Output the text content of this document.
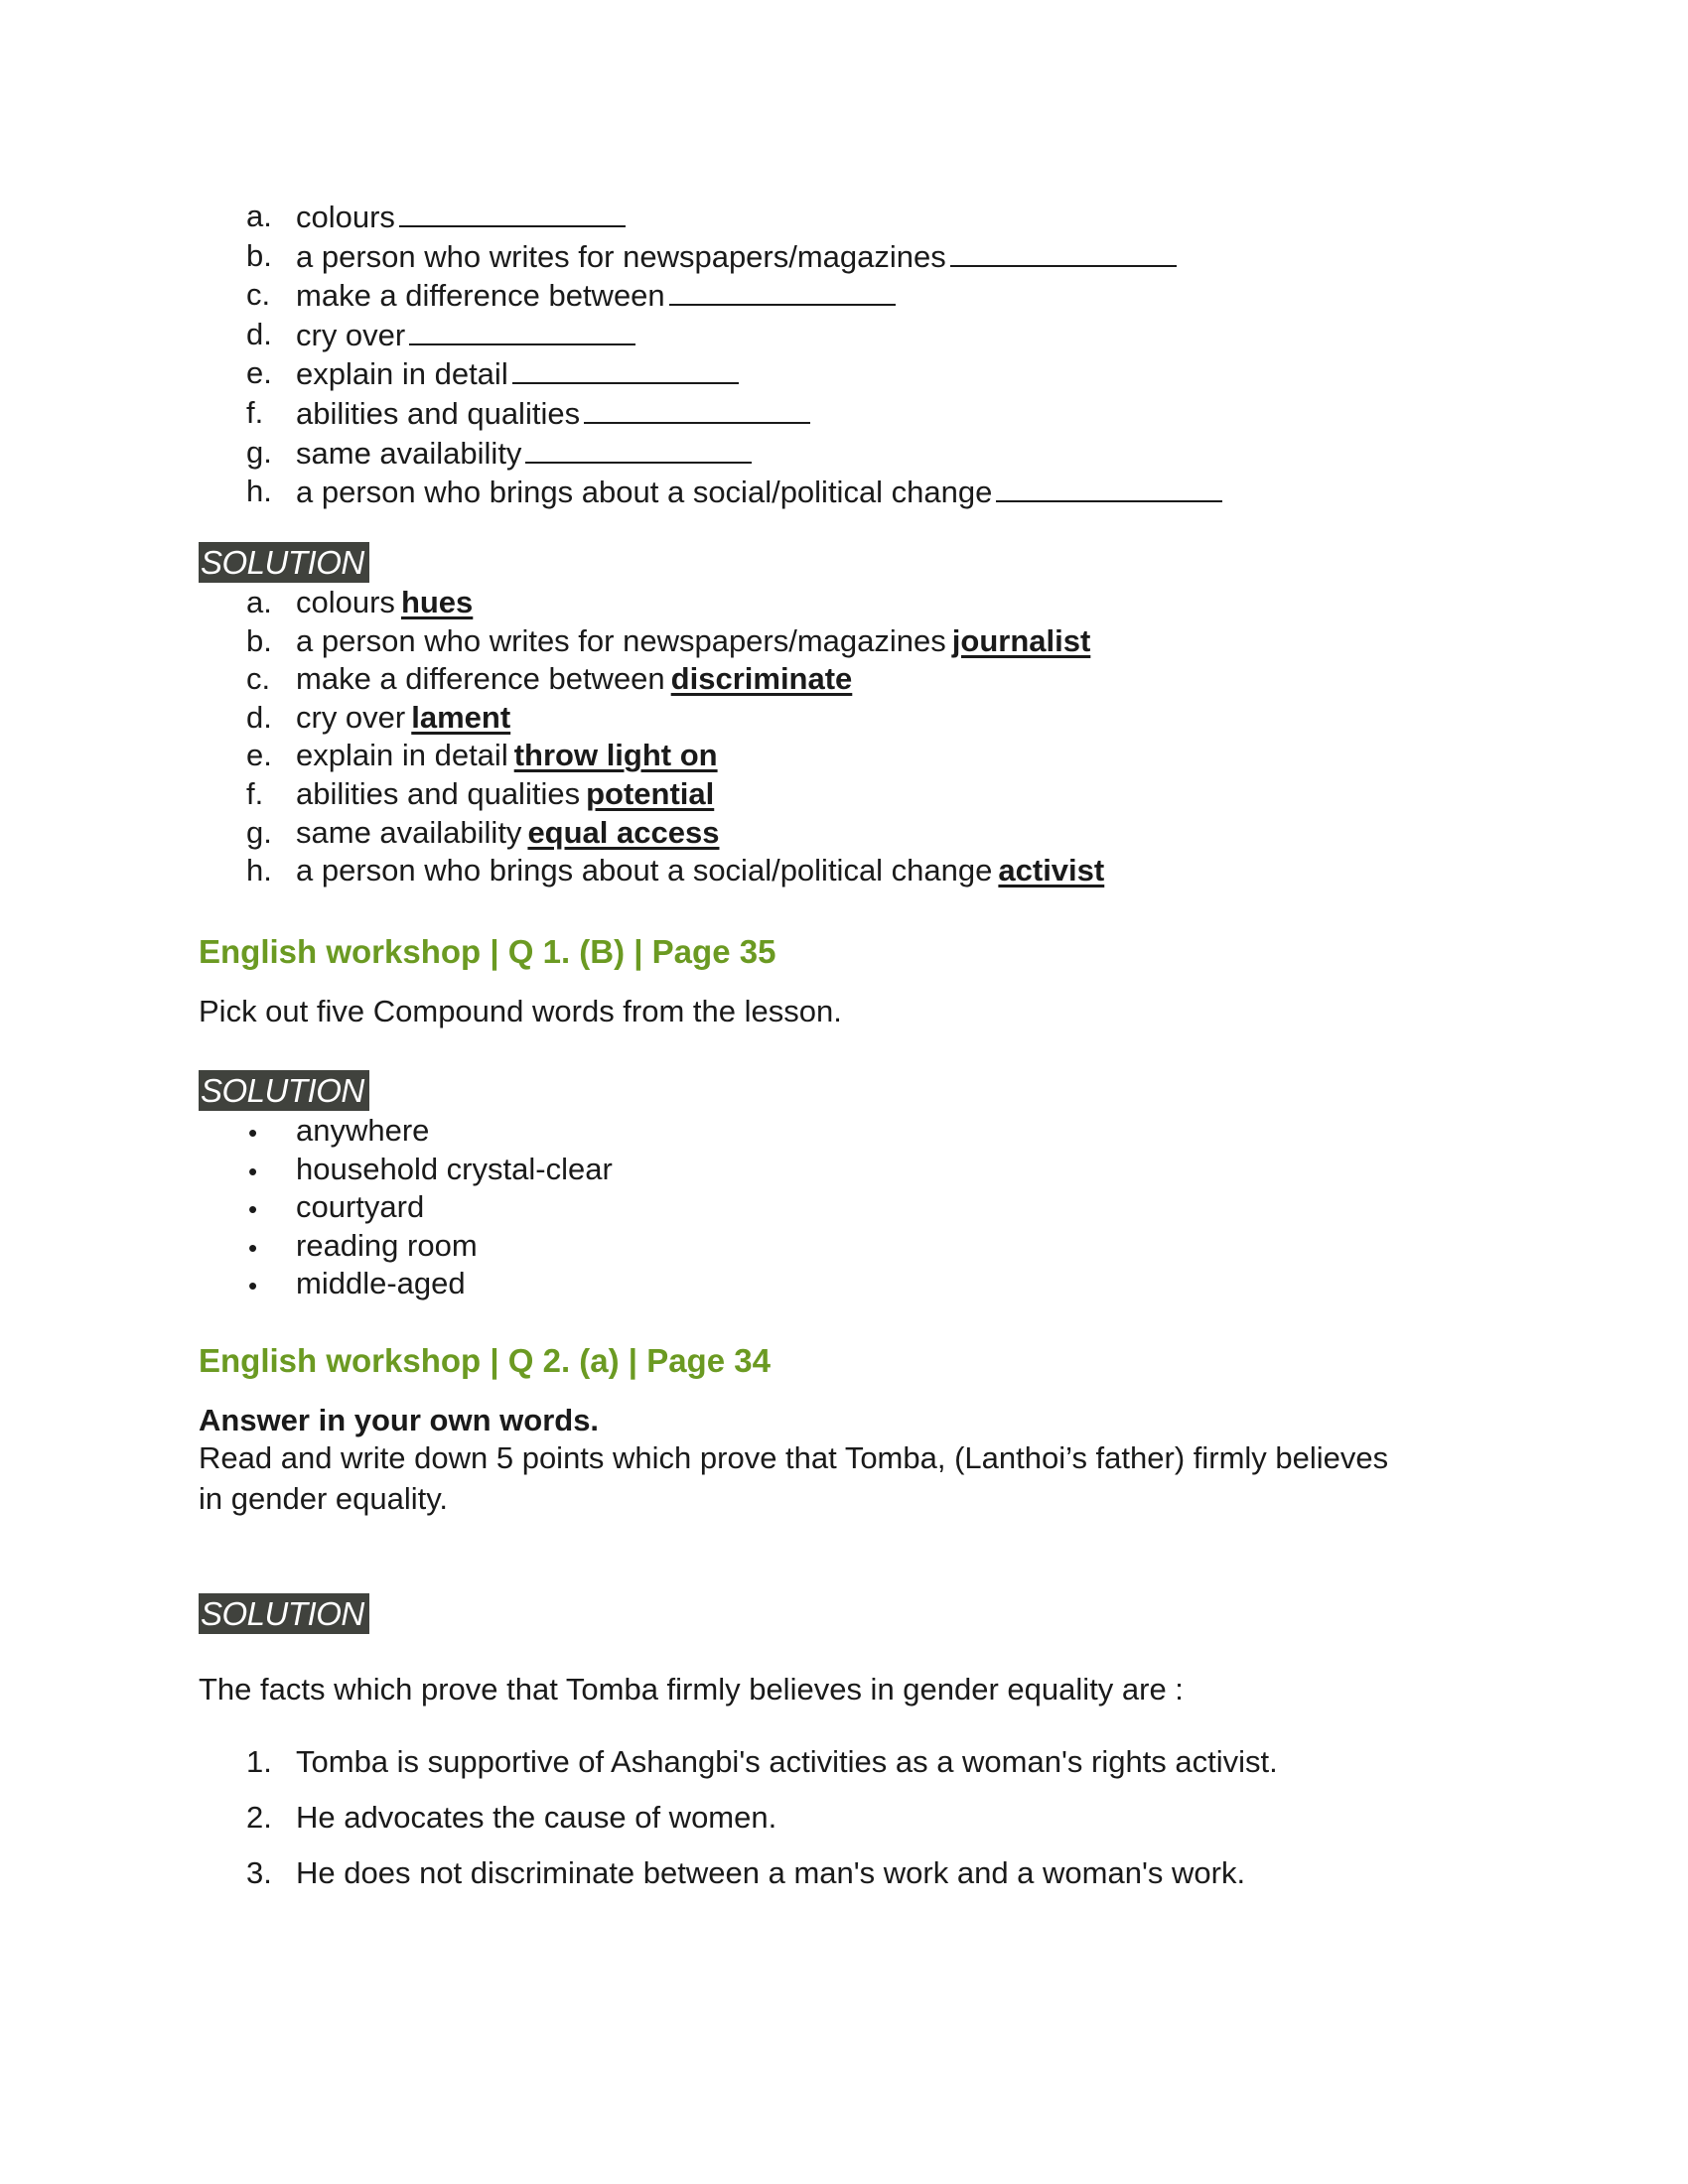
a. colours
b. a person who writes for newspapers/magazines
c. make a difference between
d. cry over
e. explain in detail
f. abilities and qualities
g. same availability
h. a person who brings about a social/political change
SOLUTION
a. colours hues
b. a person who writes for newspapers/magazines journalist
c. make a difference between discriminate
d. cry over lament
e. explain in detail throw light on
f. abilities and qualities potential
g. same availability equal access
h. a person who brings about a social/political change activist
English workshop | Q 1. (B) | Page 35
Pick out five Compound words from the lesson.
SOLUTION
• anywhere
• household crystal-clear
• courtyard
• reading room
• middle-aged
English workshop | Q 2. (a) | Page 34
Answer in your own words.
Read and write down 5 points which prove that Tomba, (Lanthoi’s father) firmly believes
in gender equality.
SOLUTION
The facts which prove that Tomba firmly believes in gender equality are :
1. Tomba is supportive of Ashangbi's activities as a woman's rights activist.
2. He advocates the cause of women.
3. He does not discriminate between a man's work and a woman's work.
